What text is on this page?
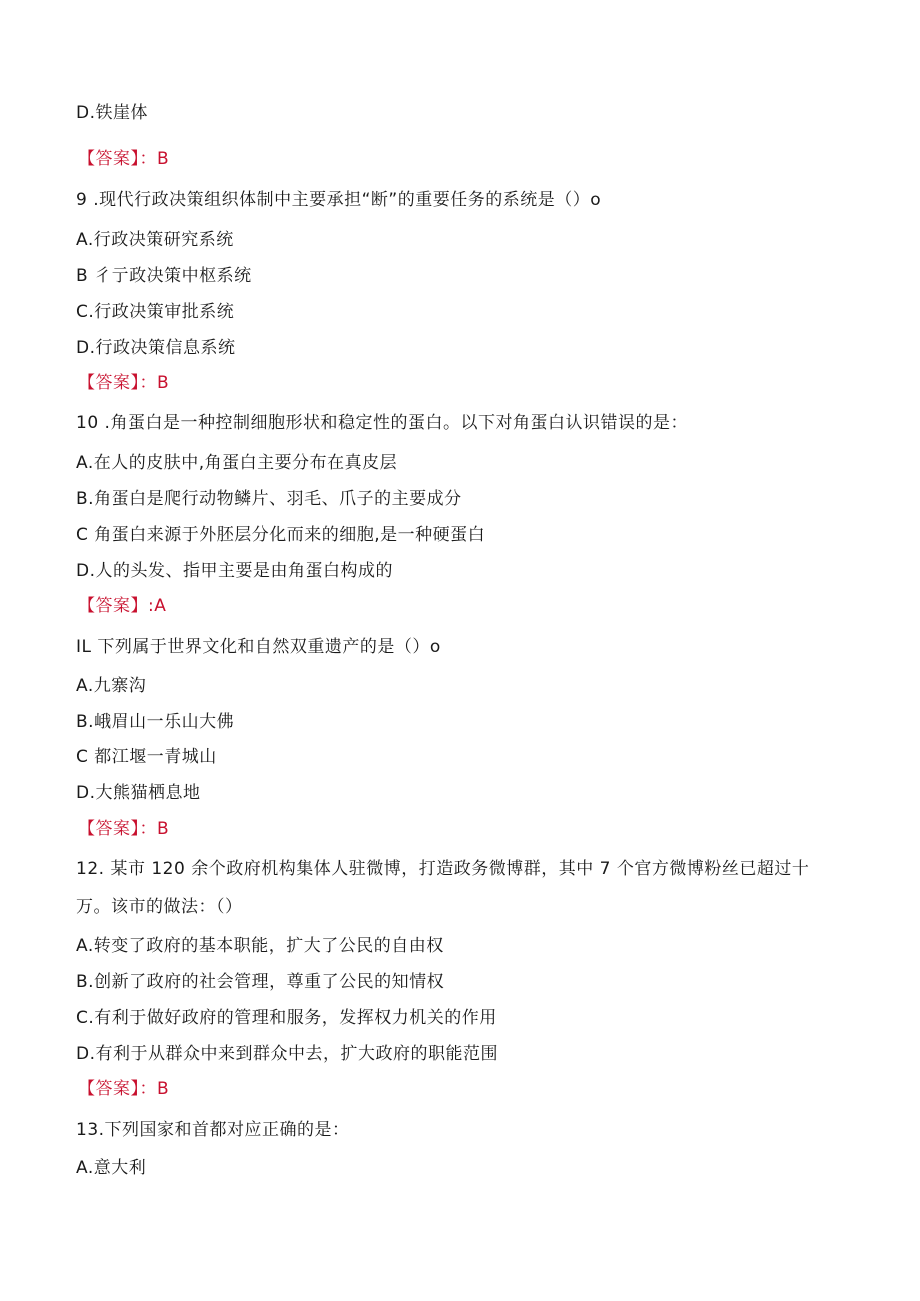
D.铁崖体
【答案】：B
9 .现代行政决策组织体制中主要承担“断”的重要任务的系统是（）o
A.行政决策研究系统
B 彳亍政决策中枢系统
C.行政决策审批系统
D.行政决策信息系统
【答案】：B
10 .角蛋白是一种控制细胞形状和稳定性的蛋白。以下对角蛋白认识错误的是：
A.在人的皮肤中,角蛋白主要分布在真皮层
B.角蛋白是爬行动物鳞片、羽毛、爪子的主要成分
C 角蛋白来源于外胚层分化而来的细胞,是一种硬蛋白
D.人的头发、指甲主要是由角蛋白构成的
【答案】:A
IL 下列属于世界文化和自然双重遗产的是（）o
A.九寨沟
B.峨眉山一乐山大佛
C 都江堰一青城山
D.大熊猫栖息地
【答案】：B
12. 某市 120 余个政府机构集体人驻微博，打造政务微博群，其中 7 个官方微博粉丝已超过十
万。该市的做法：（）
A.转变了政府的基本职能，扩大了公民的自由权
B.创新了政府的社会管理，尊重了公民的知情权
C.有利于做好政府的管理和服务，发挥权力机关的作用
D.有利于从群众中来到群众中去，扩大政府的职能范围
【答案】：B
13.下列国家和首都对应正确的是：
A.意大利
